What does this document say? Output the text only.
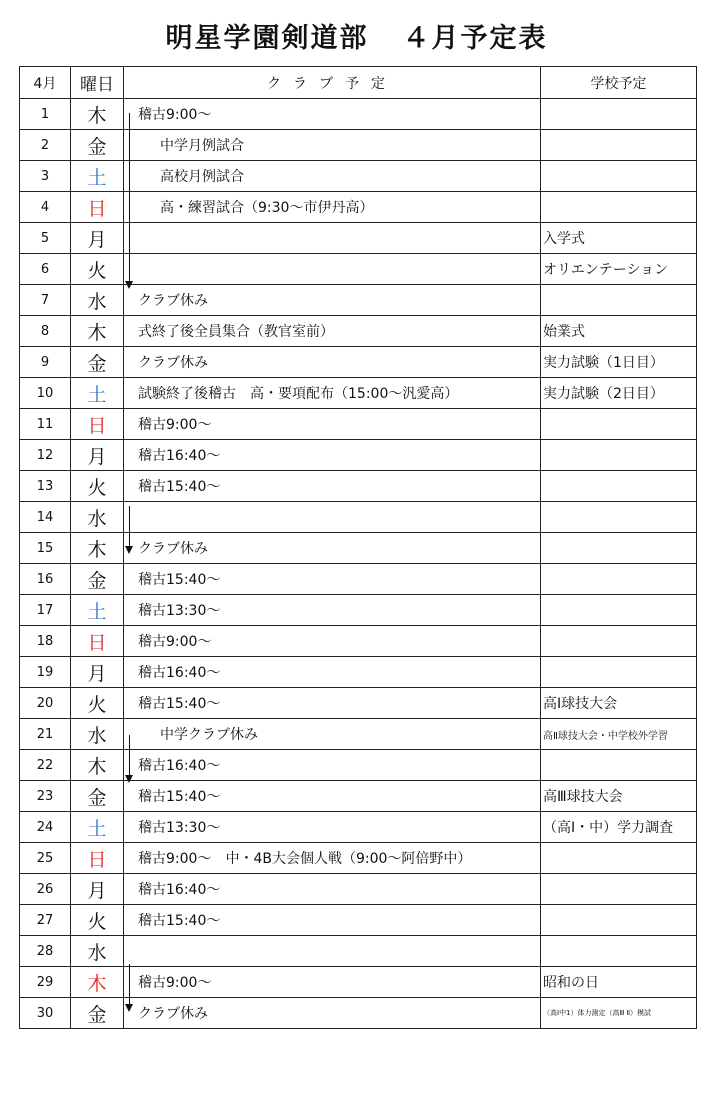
明星学園剣道部 ４月予定表
4月	曜日	クラブ予定	学校予定
1	木	稽古9:00～	
2	金	中学月例試合	
3	土	高校月例試合	
4	日	高・練習試合（9:30～市伊丹高）	
5	月		入学式
6	火		オリエンテーション
7	水	クラブ休み	
8	木	式終了後全員集合（教官室前）	始業式
9	金	クラブ休み	実力試験（1日目）
10	土	試験終了後稽古　高・要項配布（15:00～汎愛高）	実力試験（2日目）
11	日	稽古9:00～	
12	月	稽古16:40～	
13	火	稽古15:40～	
14	水		
15	木	クラブ休み	
16	金	稽古15:40～	
17	土	稽古13:30～	
18	日	稽古9:00～	
19	月	稽古16:40～	
20	火	稽古15:40～	高Ⅰ球技大会
21	水	中学クラブ休み	高Ⅱ球技大会・中学校外学習
22	木	稽古16:40～	
23	金	稽古15:40～	高Ⅲ球技大会
24	土	稽古13:30～	（高Ⅰ・中）学力調査
25	日	稽古9:00～　中・4B大会個人戦（9:00～阿倍野中）	
26	月	稽古16:40～	
27	火	稽古15:40～	
28	水		
29	木	稽古9:00～	昭和の日
30	金	クラブ休み	（高Ⅰ中1）体力測定（高Ⅲ Ⅱ）模試
